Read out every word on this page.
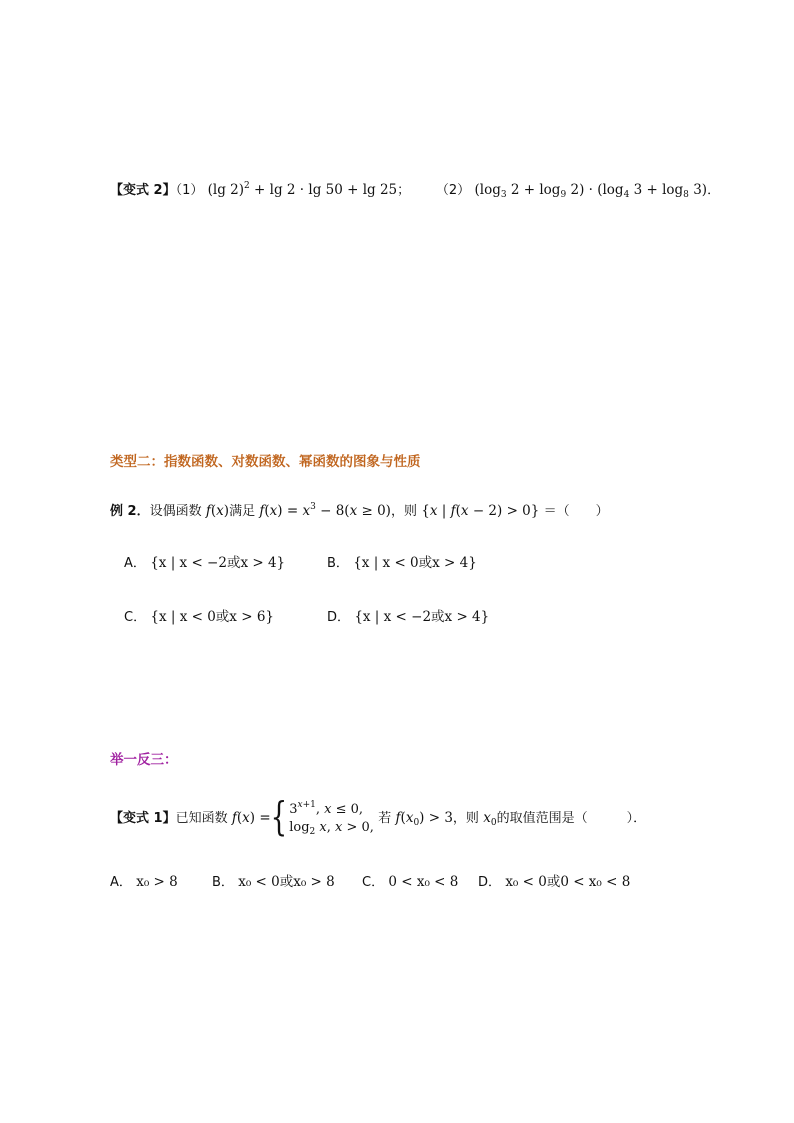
【变式 2】（1） (lg 2)$^2$ + lg 2 · lg 50 + lg 25； （2） ($\log_3$ $2 + \log_9 2) \cdot (\log_4$ $3 + \log_8 3$)．
类型二：指数函数、对数函数、幂函数的图象与性质
例 2．设偶函数 f(x)满足 $f(x) = x^3 - 8(x \ge 0)$，则 {x | f(x − 2) > 0} ＝（　　）
A． {x | x < −2或x > 4}	B． {x | x < 0或x > 4}
C． {x | x < 0或x > 6}	D． {x | x < −2或x > 4}
举一反三：
【变式 1】已知函数 f(x) ={ $3^{x+1}$, x ≤ 0,
$\log_2 x$, x > 0, 若 $f(x_0) > 3$，则 $x_0$的取值范围是（　　　）．
A． x₀ > 8	B． x₀ < 0或x₀ > 8 C． 0 < x₀ < 8 D． x₀ < 0或0 < x₀ < 8
